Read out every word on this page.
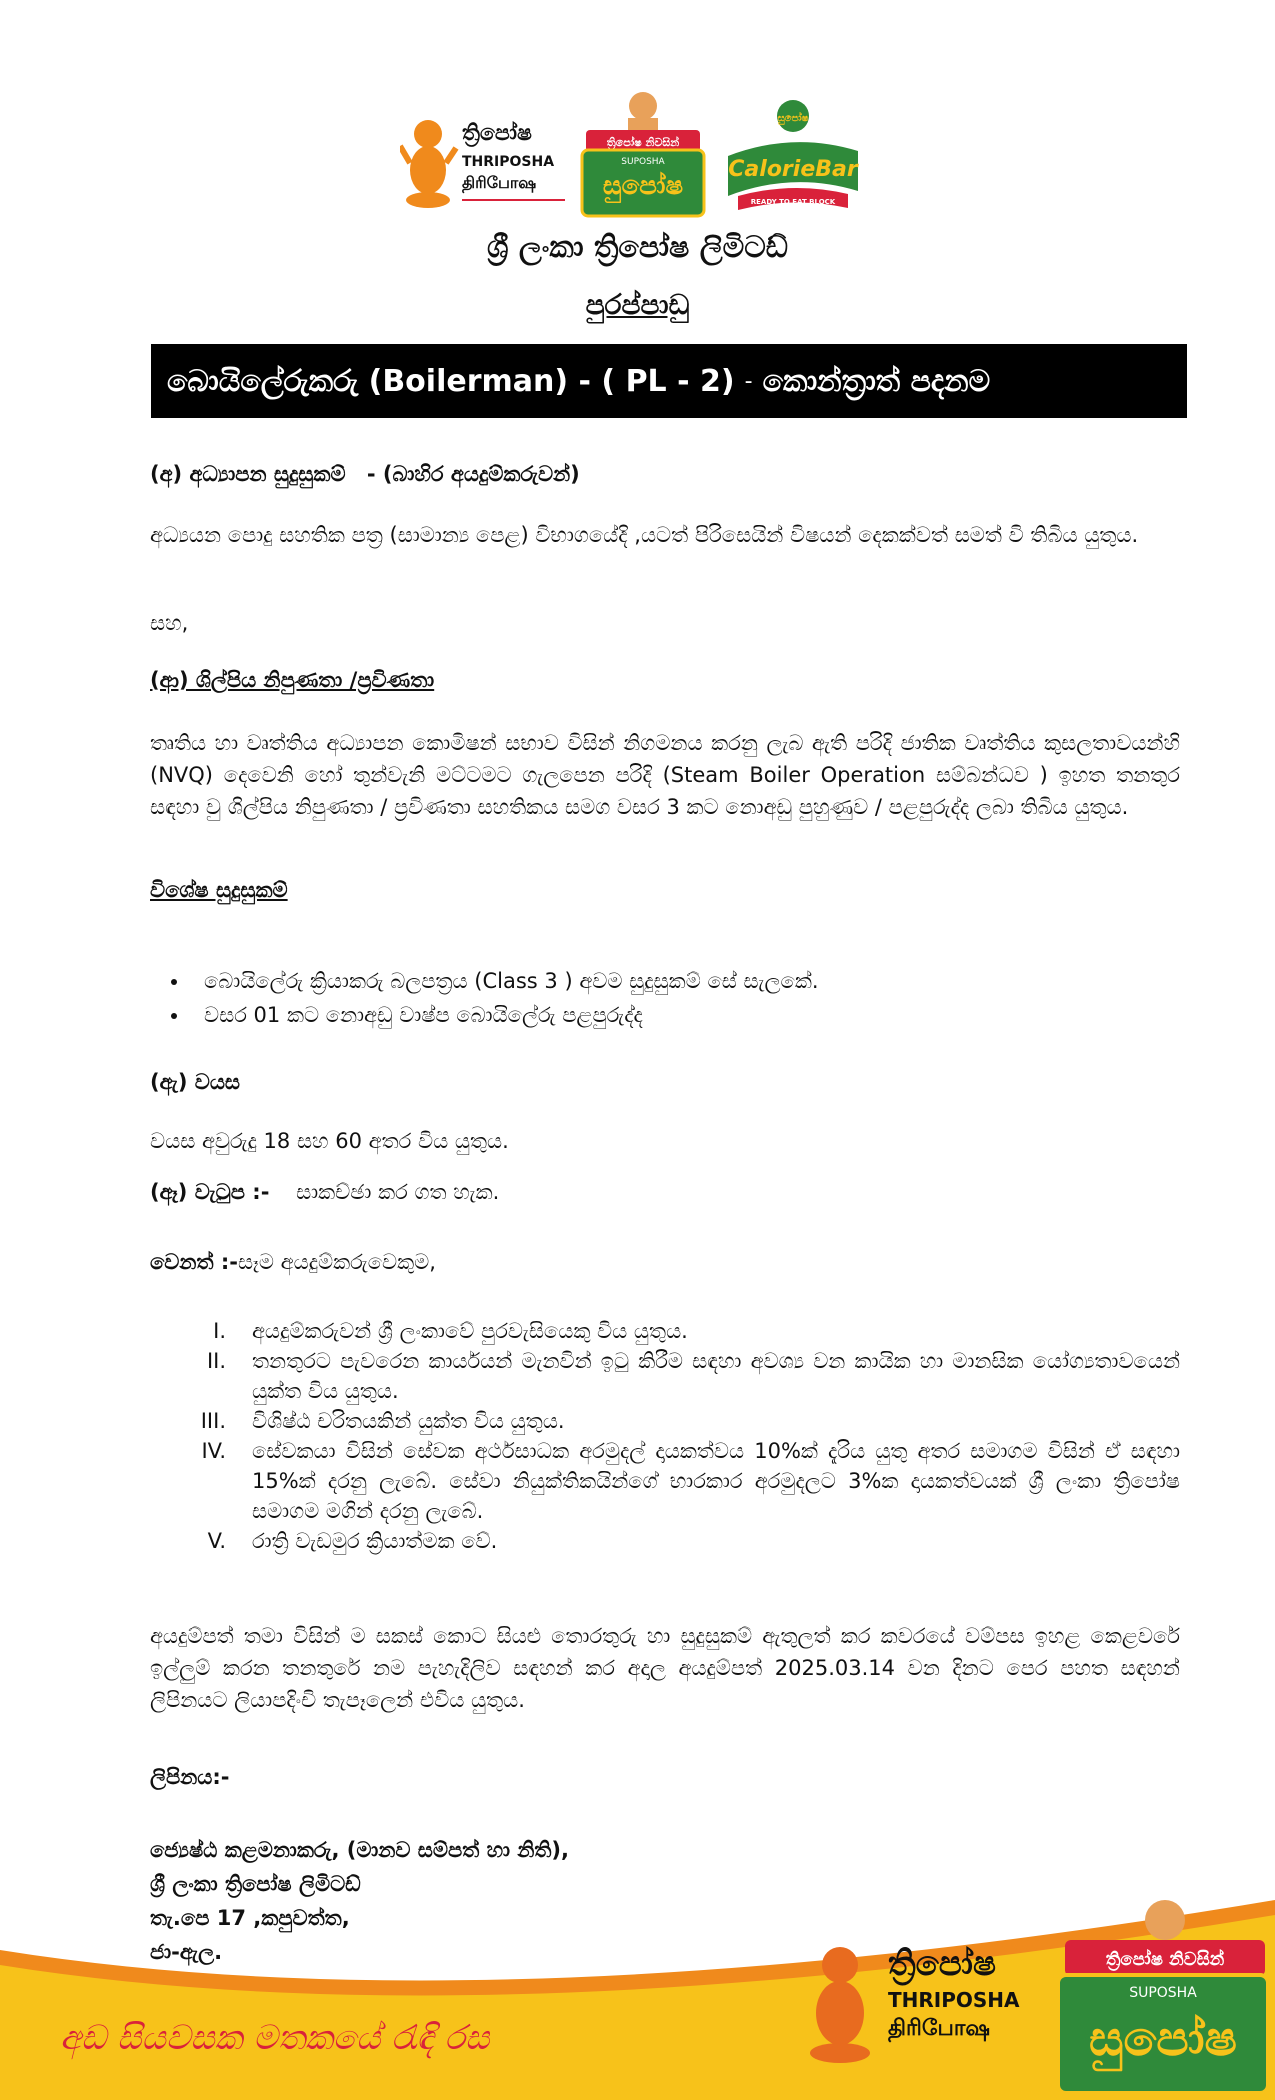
ත්‍රිපෝෂ
THRIPOSHA
திரிபோஷ
ත්‍රිපෝෂ නිවසින්
SUPOSHA
සුපෝෂ
සුපෝෂ
CalorieBar
READY TO EAT BLOCK
ශ්‍රී ලංකා ත්‍රිපෝෂ ලිමිටඩ්
පුරප්පාඩු
බොයිලේරුකරු (Boilerman) - ( PL - 2) - කොන්ත්‍රාත් පදනම
(අ) අධ්‍යාපන සුදුසුකම් - (බාහිර අයදුම්කරුවන්)
අධ්‍යයන පොදු සහතික පත්‍ර (සාමාන්‍ය පෙළ) විභාගයේදි ,යටත් පිරිසෙයින් විෂයන් දෙකක්වත් සමත් වි තිබිය යුතුය.
සහ,
(ආ) ශිල්පිය නිපුණතා /ප්‍රවිණතා
තෘතිය හා වෘත්තිය අධ්‍යාපන කොමිෂන් සභාව විසින් නිගමනය කරනු ලැබ ඇති පරිදි ජාතික වෘත්තිය කුසලතාවයන්හි (NVQ) දෙවෙනි හෝ තුන්වැනි මට්ටමට ගැලපෙන පරිදි (Steam Boiler Operation සම්බන්ධව ) ඉහත තනතුර සඳහා වු ශිල්පිය නිපුණතා / ප්‍රවිණතා සහතිකය සමග වසර 3 කට නොඅඩු පුහුණුව / පළපුරුද්ද ලබා තිබිය යුතුය.
විශේෂ සුදුසුකම්
• බොයිලේරු ක්‍රියාකරු බලපත්‍රය (Class 3 ) අවම සුදුසුකම් සේ සැලකේ.
• වසර 01 කට නොඅඩු වාෂ්ප බොයිලේරු පළපුරුද්ද
(ඇ) වයස
වයස අවුරුදු 18 සහ 60 අතර විය යුතුය.
(ඈ) වැටුප :- සාකච්ඡා කර ගත හැක.
වෙනත් :-සෑම අයදුම්කරුවෙකුම,
I.	අයදුම්කරුවන් ශ්‍රී ලංකාවේ පුරවැසියෙකු විය යුතුය.
II.	තනතුරට පැවරෙන කාර්යයන් මැනවින් ඉටු කිරීම සඳහා අවශ්‍ය වන කායික හා මානසික යෝග්‍යතාවයෙන් යුක්ත විය යුතුය.
III.	විශිෂ්ඨ චරිතයකින් යුක්ත විය යුතුය.
IV.	සේවකයා විසින් සේවක අර්ථසාධක අරමුදල් දායකත්වය 10%ක් දැරිය යුතු අතර සමාගම විසින් ඒ සඳහා 15%ක් දරනු ලැබේ. සේවා නියුක්තිකයින්ගේ භාරකාර අරමුදලට 3%ක දායකත්වයක් ශ්‍රී ලංකා ත්‍රිපෝෂ සමාගම මගින් දරනු ලැබේ.
V.	රාත්‍රි වැඩමුර ක්‍රියාත්මක වේ.
අයදුම්පත් තමා විසින් ම සකස් කොට සියළු තොරතුරු හා සුදුසුකම් ඇතුලත් කර කවරයේ වම්පස ඉහළ කෙළවරේ ඉල්ලුම් කරන තනතුරේ නම පැහැදිලිව සඳහන් කර අදාල අයදුම්පත් 2025.03.14 වන දිනට පෙර පහත සඳහන් ලිපිනයට ලියාපදිංචි තැපෑලෙන් එවිය යුතුය.
ලිපිනය:-
ජ්‍යෙෂ්ඨ කළමනාකරු, (මානව සම්පත් හා නිති),
ශ්‍රී ලංකා ත්‍රිපෝෂ ලිමිටඩ්
තැ.පෙ 17 ,කපුවත්ත,
ජා-ඇල.
අඩ සියවසක මතකයේ රැඳි රස
ත්‍රිපෝෂ
THRIPOSHA
திரிபோஷ
ත්‍රිපෝෂ නිවසින්
SUPOSHA
සුපෝෂ
